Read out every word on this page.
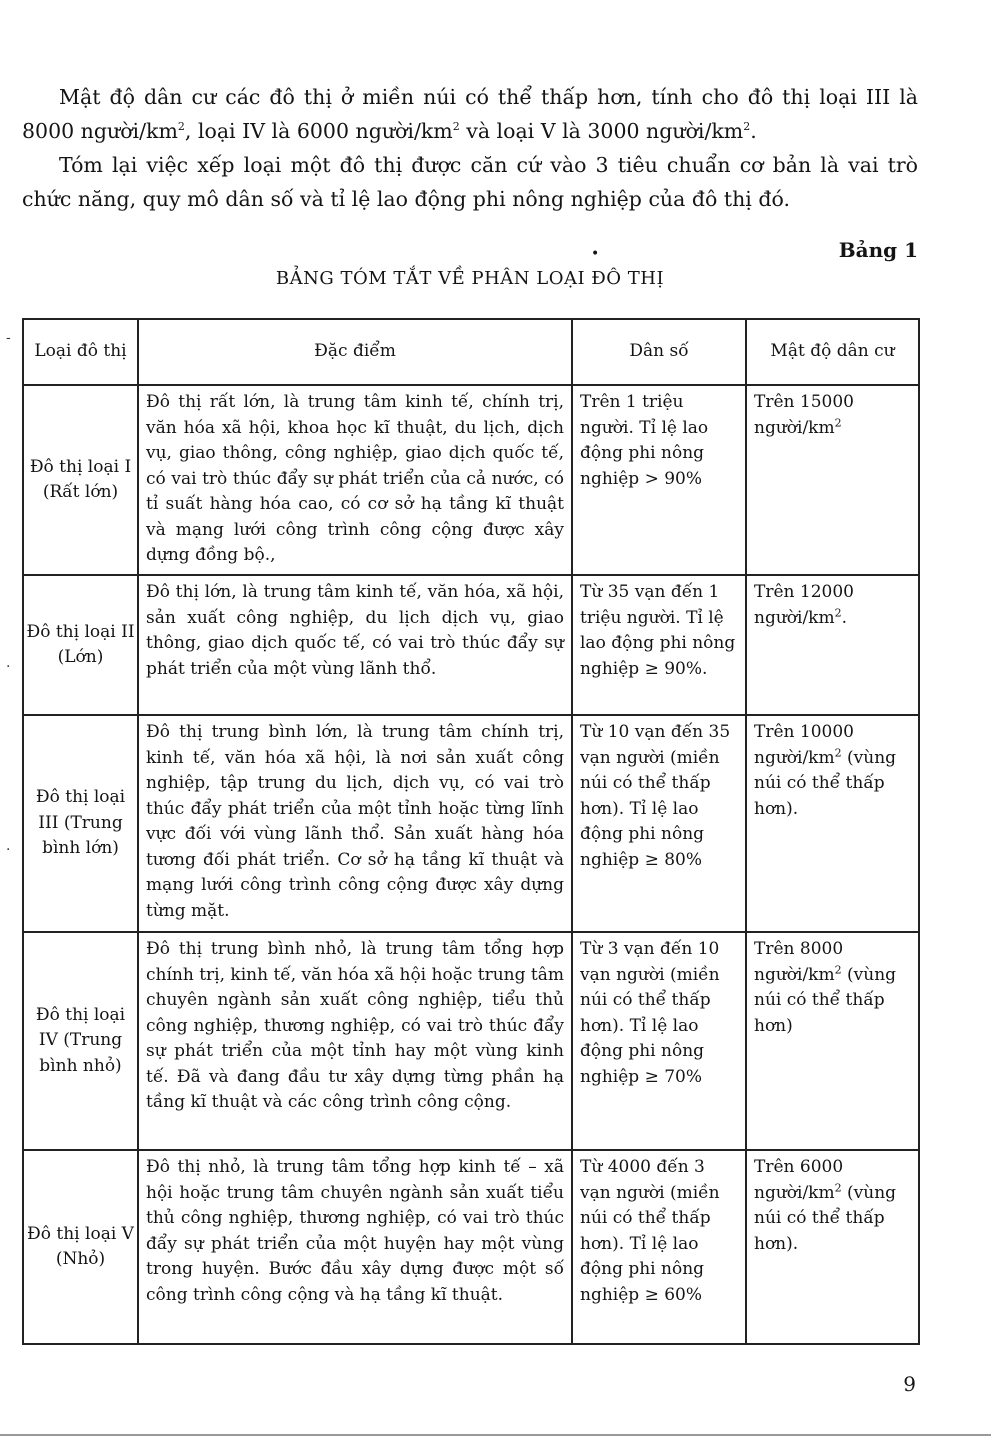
Mật độ dân cư các đô thị ở miền núi có thể thấp hơn, tính cho đô thị loại III là 8000 người/$km^2$, loại IV là 6000 người/$km^2$ và loại V là 3000 người/$km^2$.

Tóm lại việc xếp loại một đô thị được căn cứ vào 3 tiêu chuẩn cơ bản là vai trò chức năng, quy mô dân số và tỉ lệ lao động phi nông nghiệp của đô thị đó.

•	Bảng 1
BẢNG TÓM TẮT VỀ PHÂN LOẠI ĐÔ THỊ
-
.
·
Loại đô thị	Đặc điểm	Dân số	Mật độ dân cư
Đô thị loại I (Rất lớn)	Đô thị rất lớn, là trung tâm kinh tế, chính trị, văn hóa xã hội, khoa học kĩ thuật, du lịch, dịch vụ, giao thông, công nghiệp, giao dịch quốc tế, có vai trò thúc đẩy sự phát triển của cả nước, có tỉ suất hàng hóa cao, có cơ sở hạ tầng kĩ thuật và mạng lưới công trình công cộng được xây dựng đồng bộ.,	Trên 1 triệu người. Tỉ lệ lao động phi nông nghiệp > 90%	Trên 15000 người/$km^2$
Đô thị loại II (Lớn)	Đô thị lớn, là trung tâm kinh tế, văn hóa, xã hội, sản xuất công nghiệp, du lịch dịch vụ, giao thông, giao dịch quốc tế, có vai trò thúc đẩy sự phát triển của một vùng lãnh thổ.	Từ 35 vạn đến 1 triệu người. Tỉ lệ lao động phi nông nghiệp ≥ 90%.	Trên 12000 người/$km^2$.
Đô thị loại III (Trung bình lớn)	Đô thị trung bình lớn, là trung tâm chính trị, kinh tế, văn hóa xã hội, là nơi sản xuất công nghiệp, tập trung du lịch, dịch vụ, có vai trò thúc đẩy phát triển của một tỉnh hoặc từng lĩnh vực đối với vùng lãnh thổ. Sản xuất hàng hóa tương đối phát triển. Cơ sở hạ tầng kĩ thuật và mạng lưới công trình công cộng được xây dựng từng mặt.	Từ 10 vạn đến 35 vạn người (miền núi có thể thấp hơn). Tỉ lệ lao động phi nông nghiệp ≥ 80%	Trên 10000 người/$km^2$ (vùng núi có thể thấp hơn).
Đô thị loại IV (Trung bình nhỏ)	Đô thị trung bình nhỏ, là trung tâm tổng hợp chính trị, kinh tế, văn hóa xã hội hoặc trung tâm chuyên ngành sản xuất công nghiệp, tiểu thủ công nghiệp, thương nghiệp, có vai trò thúc đẩy sự phát triển của một tỉnh hay một vùng kinh tế. Đã và đang đầu tư xây dựng từng phần hạ tầng kĩ thuật và các công trình công cộng.	Từ 3 vạn đến 10 vạn người (miền núi có thể thấp hơn). Tỉ lệ lao động phi nông nghiệp ≥ 70%	Trên 8000 người/$km^2$ (vùng núi có thể thấp hơn)
Đô thị loại V (Nhỏ)	Đô thị nhỏ, là trung tâm tổng hợp kinh tế – xã hội hoặc trung tâm chuyên ngành sản xuất tiểu thủ công nghiệp, thương nghiệp, có vai trò thúc đẩy sự phát triển của một huyện hay một vùng trong huyện. Bước đầu xây dựng được một số công trình công cộng và hạ tầng kĩ thuật.	Từ 4000 đến 3 vạn người (miền núi có thể thấp hơn). Tỉ lệ lao động phi nông nghiệp ≥ 60%	Trên 6000 người/$km^2$ (vùng núi có thể thấp hơn).
9
